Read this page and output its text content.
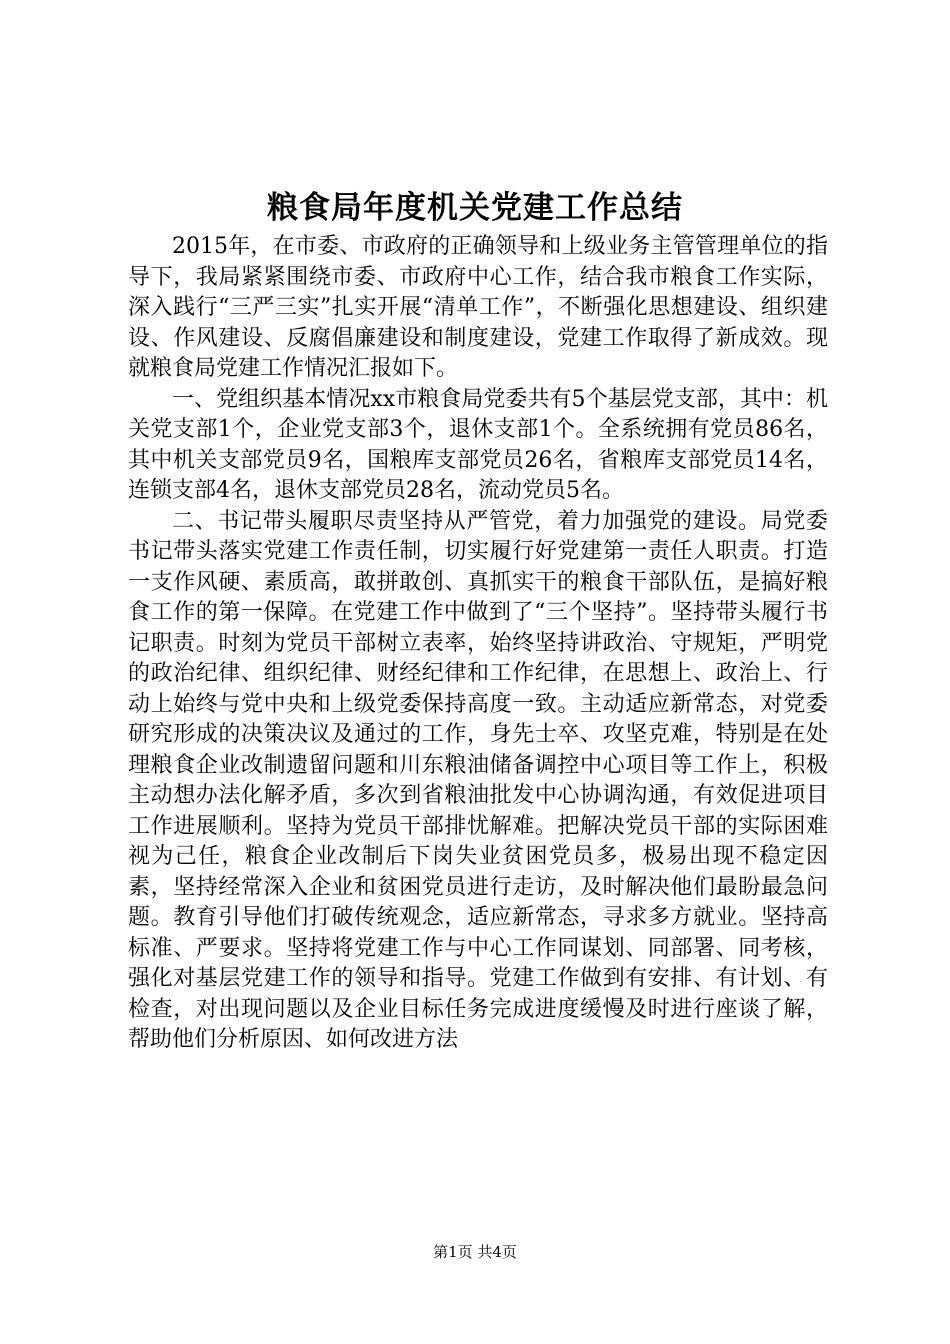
粮食局年度机关党建工作总结

2015年，在市委、市政府的正确领导和上级业务主管管理单位的指导下，我局紧紧围绕市委、市政府中心工作，结合我市粮食工作实际，深入践行“三严三实”扎实开展“清单工作”，不断强化思想建设、组织建设、作风建设、反腐倡廉建设和制度建设，党建工作取得了新成效。现就粮食局党建工作情况汇报如下。

一、党组织基本情况xx市粮食局党委共有5个基层党支部，其中：机关党支部1个，企业党支部3个，退休支部1个。全系统拥有党员86名，其中机关支部党员9名，国粮库支部党员26名，省粮库支部党员14名，连锁支部4名，退休支部党员28名，流动党员5名。

二、书记带头履职尽责坚持从严管党，着力加强党的建设。局党委书记带头落实党建工作责任制，切实履行好党建第一责任人职责。打造一支作风硬、素质高，敢拼敢创、真抓实干的粮食干部队伍，是搞好粮食工作的第一保障。在党建工作中做到了“三个坚持”。坚持带头履行书记职责。时刻为党员干部树立表率，始终坚持讲政治、守规矩，严明党的政治纪律、组织纪律、财经纪律和工作纪律，在思想上、政治上、行动上始终与党中央和上级党委保持高度一致。主动适应新常态，对党委研究形成的决策决议及通过的工作，身先士卒、攻坚克难，特别是在处理粮食企业改制遗留问题和川东粮油储备调控中心项目等工作上，积极主动想办法化解矛盾，多次到省粮油批发中心协调沟通，有效促进项目工作进展顺利。坚持为党员干部排忧解难。把解决党员干部的实际困难视为己任，粮食企业改制后下岗失业贫困党员多，极易出现不稳定因素，坚持经常深入企业和贫困党员进行走访，及时解决他们最盼最急问题。教育引导他们打破传统观念，适应新常态，寻求多方就业。坚持高标准、严要求。坚持将党建工作与中心工作同谋划、同部署、同考核，强化对基层党建工作的领导和指导。党建工作做到有安排、有计划、有检查，对出现问题以及企业目标任务完成进度缓慢及时进行座谈了解，帮助他们分析原因、如何改进方法

第1页 共4页
